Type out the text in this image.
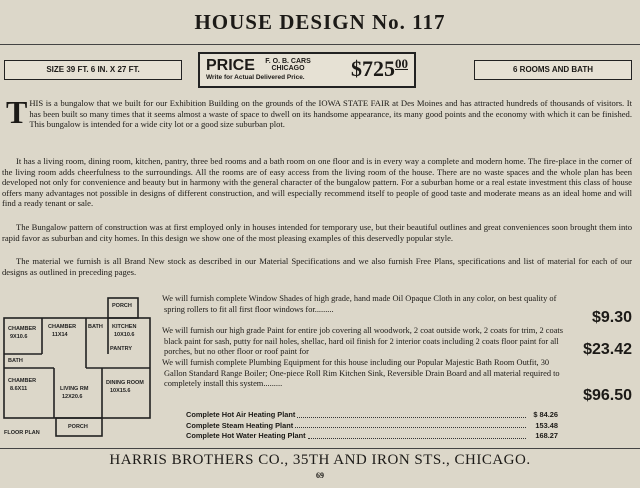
HOUSE DESIGN No. 117
SIZE 39 FT. 6 IN. X 27 FT.	PRICE	F. O. B. CARS CHICAGO
Write for Actual Delivered Price. $\$725^{00}$	6 ROOMS AND BATH
T HIS is a bungalow that we built for our Exhibition Building on the grounds of the IOWA STATE FAIR at Des Moines and has attracted hundreds of thousands of visitors. It has been built so many times that it seems almost a waste of space to dwell on its handsome appearance, its many good points and the economy with which it can be finished. This bungalow is intended for a wide city lot or a good size suburban plot.
It has a living room, dining room, kitchen, pantry, three bed rooms and a bath room on one floor and is in every way a complete and modern home. The fire-place in the corner of the living room adds cheerfulness to the surroundings. All the rooms are of easy access from the living room of the house. There are no waste spaces and the whole plan has been developed not only for convenience and beauty but in harmony with the general character of the bungalow pattern. For a suburban home or a real estate investment this class of house offers many advantages not possible in designs of different construction, and will especially recommend itself to people of good taste and moderate means as an ideal home and will find a ready tenant or sale.
The Bungalow pattern of construction was at first employed only in houses intended for temporary use, but their beautiful outlines and great conveniences soon brought them into rapid favor as suburban and city homes. In this design we show one of the most pleasing examples of this deservedly popular style.
The material we furnish is all Brand New stock as described in our Material Specifications and we also furnish Free Plans, specifications and list of material for each of our designs as outlined in preceding pages.
CHAMBER
9X10.6
CHAMBER
11X14
BATH KITCHEN
10X10.6
PORCH
PANTRY
CHAMBER
8.6X11	LIVING RM
12X20.6
DINING ROOM
10X15.6
PORCH
BATH
FLOOR PLAN
We will furnish complete Window Shades of high grade, hand made Oil Opaque Cloth in any color, on best quality of spring rollers to fit all first floor windows for.........
$9.30
We will furnish our high grade Paint for entire job covering all woodwork, 2 coat outside work, 2 coats for trim, 2 coats black paint for sash, putty for nail holes, shellac, hard oil finish for 2 interior coats including 2 coats floor paint for all porches, but no other floor or roof paint for	$23.42
We will furnish complete Plumbing Equipment for this house including our Popular Majestic Bath Room Outfit, 30 Gallon Standard Range Boiler; One-piece Roll Rim Kitchen Sink, Reversible Drain Board and all material required to completely install this system.........
$96.50
Complete Hot Air Heating Plant	$ 84.26
Complete Steam Heating Plant	153.48
Complete Hot Water Heating Plant	168.27
HARRIS BROTHERS CO., 35TH AND IRON STS., CHICAGO.
69
